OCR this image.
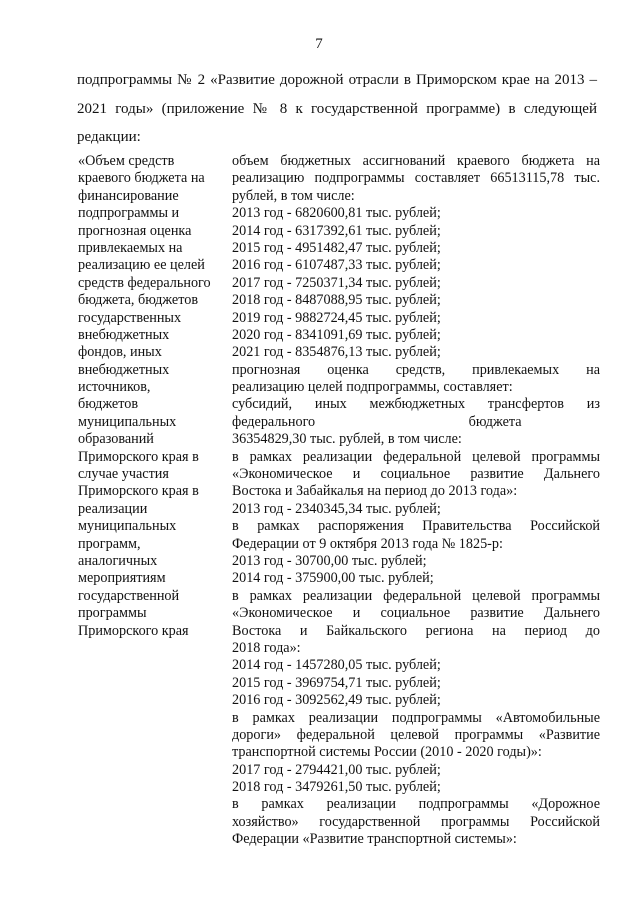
7
подпрограммы № 2 «Развитие дорожной отрасли в Приморском крае на 2013 –
2021 годы» (приложение № 8 к государственной программе) в следующей
редакции:
«Объем средств
краевого бюджета на
финансирование
подпрограммы и
прогнозная оценка
привлекаемых на
реализацию ее целей
средств федерального
бюджета, бюджетов
государственных
внебюджетных
фондов, иных
внебюджетных
источников,
бюджетов
муниципальных
образований
Приморского края в
случае участия
Приморского края в
реализации
муниципальных
программ,
аналогичных
мероприятиям
государственной
программы
Приморского края
объем бюджетных ассигнований краевого бюджета на
реализацию подпрограммы составляет 66513115,78 тыс.
рублей, в том числе:
2013 год - 6820600,81 тыс. рублей;
2014 год - 6317392,61 тыс. рублей;
2015 год - 4951482,47 тыс. рублей;
2016 год - 6107487,33 тыс. рублей;
2017 год - 7250371,34 тыс. рублей;
2018 год - 8487088,95 тыс. рублей;
2019 год - 9882724,45 тыс. рублей;
2020 год - 8341091,69 тыс. рублей;
2021 год - 8354876,13 тыс. рублей;
прогнозная оценка средств, привлекаемых на
реализацию целей подпрограммы, составляет:
субсидий, иных межбюджетных трансфертов из
федерального бюджета
36354829,30 тыс. рублей, в том числе:
в рамках реализации федеральной целевой программы
«Экономическое и социальное развитие Дальнего
Востока и Забайкалья на период до 2013 года»:
2013 год - 2340345,34 тыс. рублей;
в рамках распоряжения Правительства Российской
Федерации от 9 октября 2013 года № 1825-р:
2013 год - 30700,00 тыс. рублей;
2014 год - 375900,00 тыс. рублей;
в рамках реализации федеральной целевой программы
«Экономическое и социальное развитие Дальнего
Востока и Байкальского региона на период до
2018 года»:
2014 год - 1457280,05 тыс. рублей;
2015 год - 3969754,71 тыс. рублей;
2016 год - 3092562,49 тыс. рублей;
в рамках реализации подпрограммы «Автомобильные
дороги» федеральной целевой программы «Развитие
транспортной системы России (2010 - 2020 годы)»:
2017 год - 2794421,00 тыс. рублей;
2018 год - 3479261,50 тыс. рублей;
в рамках реализации подпрограммы «Дорожное
хозяйство» государственной программы Российской
Федерации «Развитие транспортной системы»:
